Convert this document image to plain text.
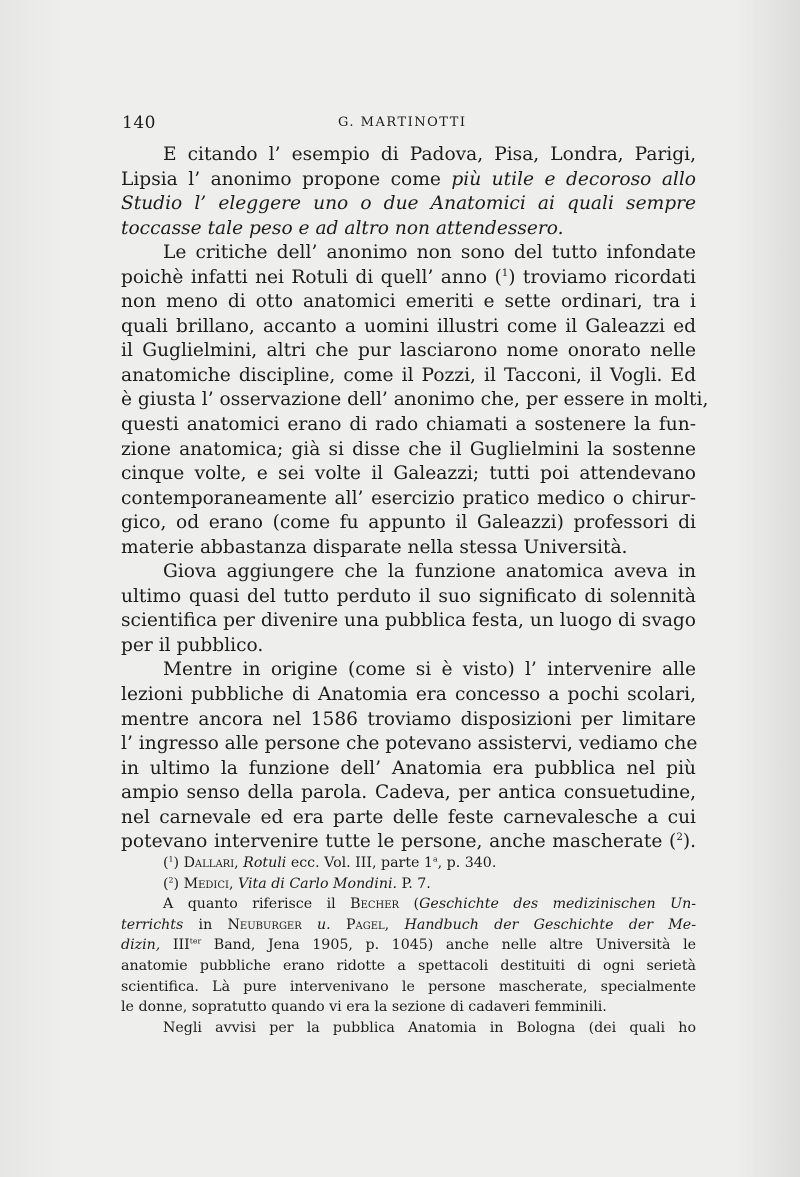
140	G. MARTINOTTI
E citando l’ esempio di Padova, Pisa, Londra, Parigi,
Lipsia l’ anonimo propone come più utile e decoroso allo
Studio l’ eleggere uno o due Anatomici ai quali sempre
toccasse tale peso e ad altro non attendessero.
Le critiche dell’ anonimo non sono del tutto infondate
poichè infatti nei Rotuli di quell’ anno ($^1$) troviamo ricordati
non meno di otto anatomici emeriti e sette ordinari, tra i
quali brillano, accanto a uomini illustri come il Galeazzi ed
il Guglielmini, altri che pur lasciarono nome onorato nelle
anatomiche discipline, come il Pozzi, il Tacconi, il Vogli. Ed
è giusta l’ osservazione dell’ anonimo che, per essere in molti,
questi anatomici erano di rado chiamati a sostenere la fun-
zione anatomica; già si disse che il Guglielmini la sostenne
cinque volte, e sei volte il Galeazzi; tutti poi attendevano
contemporaneamente all’ esercizio pratico medico o chirur-
gico, od erano (come fu appunto il Galeazzi) professori di
materie abbastanza disparate nella stessa Università.
Giova aggiungere che la funzione anatomica aveva in
ultimo quasi del tutto perduto il suo significato di solennità
scientifica per divenire una pubblica festa, un luogo di svago
per il pubblico.
Mentre in origine (come si è visto) l’ intervenire alle
lezioni pubbliche di Anatomia era concesso a pochi scolari,
mentre ancora nel 1586 troviamo disposizioni per limitare
l’ ingresso alle persone che potevano assistervi, vediamo che
in ultimo la funzione dell’ Anatomia era pubblica nel più
ampio senso della parola. Cadeva, per antica consuetudine,
nel carnevale ed era parte delle feste carnevalesche a cui
potevano intervenire tutte le persone, anche mascherate ($^2$).
($^1$) Dallari, Rotuli ecc. Vol. III, parte 1$^a$, p. 340.
($^2$) Medici, Vita di Carlo Mondini. P. 7.
A quanto riferisce il Becher (Geschichte des medizinischen Un-
terrichts in Neuburger u. Pagel, Handbuch der Geschichte der Me-
dizin, $III^{ter}$ Band, Jena 1905, p. 1045) anche nelle altre Università le
anatomie pubbliche erano ridotte a spettacoli destituiti di ogni serietà
scientifica. Là pure intervenivano le persone mascherate, specialmente
le donne, sopratutto quando vi era la sezione di cadaveri femminili.
Negli avvisi per la pubblica Anatomia in Bologna (dei quali ho
